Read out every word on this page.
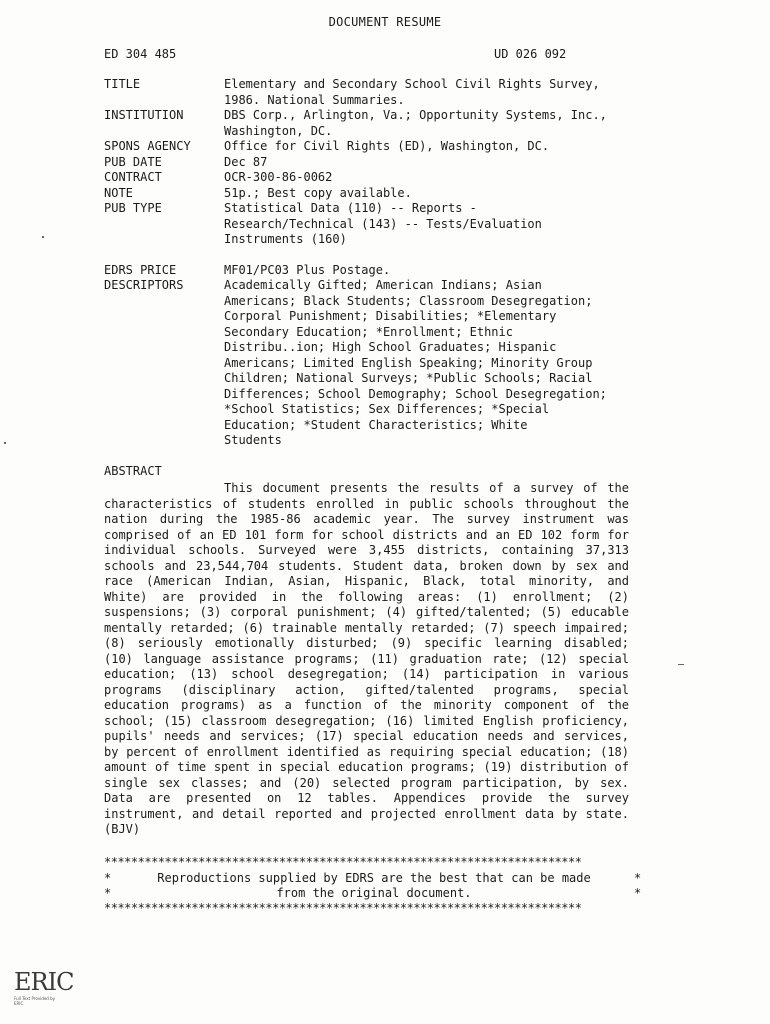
DOCUMENT RESUME
ED 304 485	UD 026 092
TITLE	Elementary and Secondary School Civil Rights Survey,
1986. National Summaries.
INSTITUTION	DBS Corp., Arlington, Va.; Opportunity Systems, Inc.,
Washington, DC.
SPONS AGENCY	Office for Civil Rights (ED), Washington, DC.
PUB DATE	Dec 87
CONTRACT	OCR-300-86-0062
NOTE	51p.; Best copy available.
PUB TYPE	Statistical Data (110) -- Reports -
Research/Technical (143) -- Tests/Evaluation
Instruments (160)
EDRS PRICE	MF01/PC03 Plus Postage.
DESCRIPTORS	Academically Gifted; American Indians; Asian
Americans; Black Students; Classroom Desegregation;
Corporal Punishment; Disabilities; *Elementary
Secondary Education; *Enrollment; Ethnic
Distribu..ion; High School Graduates; Hispanic
Americans; Limited English Speaking; Minority Group
Children; National Surveys; *Public Schools; Racial
Differences; School Demography; School Desegregation;
*School Statistics; Sex Differences; *Special
Education; *Student Characteristics; White
Students
ABSTRACT
This document presents the results of a survey of the characteristics of students enrolled in public schools throughout the nation during the 1985-86 academic year. The survey instrument was comprised of an ED 101 form for school districts and an ED 102 form for individual schools. Surveyed were 3,455 districts, containing 37,313 schools and 23,544,704 students. Student data, broken down by sex and race (American Indian, Asian, Hispanic, Black, total minority, and White) are provided in the following areas: (1) enrollment; (2) suspensions; (3) corporal punishment; (4) gifted/talented; (5) educable mentally retarded; (6) trainable mentally retarded; (7) speech impaired; (8) seriously emotionally disturbed; (9) specific learning disabled; (10) language assistance programs; (11) graduation rate; (12) special education; (13) school desegregation; (14) participation in various programs (disciplinary action, gifted/talented programs, special education programs) as a function of the minority component of the school; (15) classroom desegregation; (16) limited English proficiency, pupils' needs and services; (17) special education needs and services, by percent of enrollment identified as requiring special education; (18) amount of time spent in special education programs; (19) distribution of single sex classes; and (20) selected program participation, by sex. Data are presented on 12 tables. Appendices provide the survey instrument, and detail reported and projected enrollment data by state. (BJV)
***********************************************************************
*	Reproductions supplied by EDRS are the best that can be made	*
*	from the original document.	*
***********************************************************************
ERIC
Full Text Provided by ERIC
